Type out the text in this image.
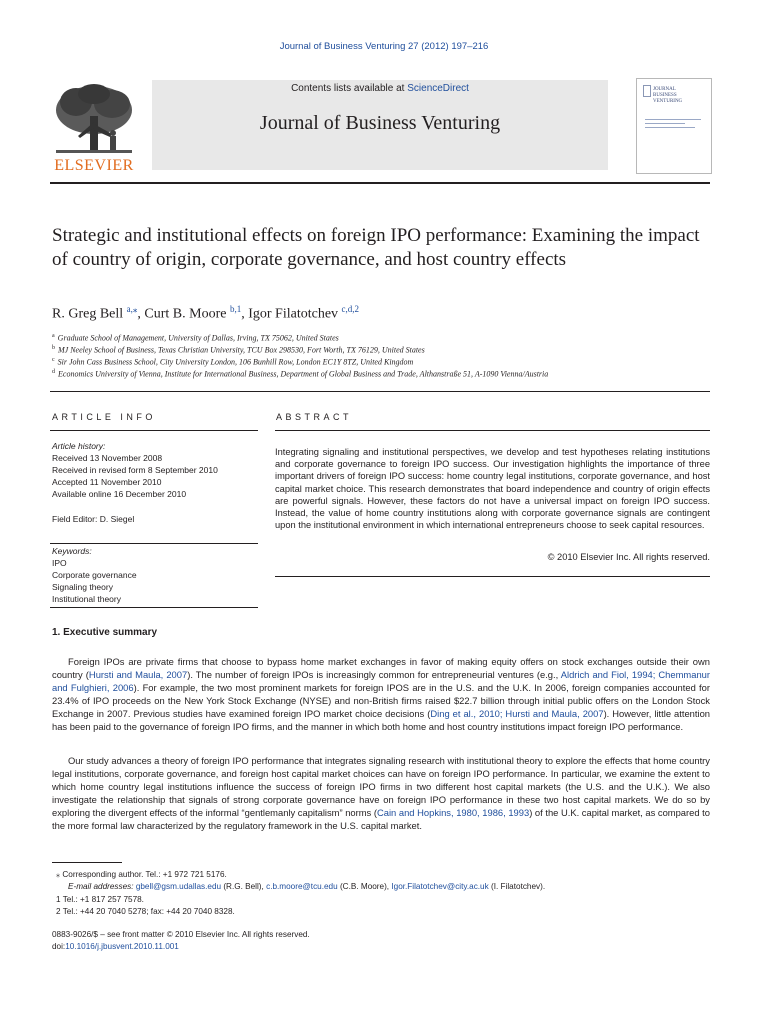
Journal of Business Venturing 27 (2012) 197–216
ELSEVIER
Contents lists available at ScienceDirect
Journal of Business Venturing
JOURNAL
BUSINESS
VENTURING
Strategic and institutional effects on foreign IPO performance: Examining the impact of country of origin, corporate governance, and host country effects
R. Greg Bell $^{a,⁎}$, Curt B. Moore $^{b,1}$, Igor Filatotchev $^{c,d,2}$
$^a$ Graduate School of Management, University of Dallas, Irving, TX 75062, United States
$^b$ MJ Neeley School of Business, Texas Christian University, TCU Box 298530, Fort Worth, TX 76129, United States
$^c$ Sir John Cass Business School, City University London, 106 Bunhill Row, London EC1Y 8TZ, United Kingdom
$^d$ Economics University of Vienna, Institute for International Business, Department of Global Business and Trade, Althanstraße 51, A-1090 Vienna/Austria
ARTICLE INFO
Article history:
Received 13 November 2008
Received in revised form 8 September 2010
Accepted 11 November 2010
Available online 16 December 2010
Field Editor: D. Siegel
Keywords:
IPO
Corporate governance
Signaling theory
Institutional theory
ABSTRACT
Integrating signaling and institutional perspectives, we develop and test hypotheses relating institutions and corporate governance to foreign IPO success. Our investigation highlights the importance of three important drivers of foreign IPO success: home country legal institutions, corporate governance, and host capital market choice. This research demonstrates that board independence and country of origin effects are powerful signals. However, these factors do not have a universal impact on foreign IPO success. Instead, the value of home country institutions along with corporate governance signals are contingent upon the institutional environment in which international entrepreneurs choose to seek capital resources.
© 2010 Elsevier Inc. All rights reserved.
1. Executive summary
Foreign IPOs are private firms that choose to bypass home market exchanges in favor of making equity offers on stock exchanges outside their own country (Hursti and Maula, 2007). The number of foreign IPOs is increasingly common for entrepreneurial ventures (e.g., Aldrich and Fiol, 1994; Chemmanur and Fulghieri, 2006). For example, the two most prominent markets for foreign IPOS are in the U.S. and the U.K. In 2006, foreign companies accounted for 23.4% of IPO proceeds on the New York Stock Exchange (NYSE) and non-British firms raised $22.7 billion through initial public offers on the London Stock Exchange in 2007. Previous studies have examined foreign IPO market choice decisions (Ding et al., 2010; Hursti and Maula, 2007). However, little attention has been paid to the governance of foreign IPO firms, and the manner in which both home and host country institutions impact foreign IPO performance.
Our study advances a theory of foreign IPO performance that integrates signaling research with institutional theory to explore the effects that home country legal institutions, corporate governance, and foreign host capital market choices can have on foreign IPO performance. In particular, we examine the extent to which home country legal institutions influence the success of foreign IPO firms in two different host capital markets (the U.S. and the U.K.). We also investigate the relationship that signals of strong corporate governance have on foreign IPO performance in these two host capital markets. We do so by exploring the divergent effects of the informal “gentlemanly capitalism” norms (Cain and Hopkins, 1980, 1986, 1993) of the U.K. capital market, as compared to the more formal law characterized by the regulatory framework in the U.S. capital market.
⁎ Corresponding author. Tel.: +1 972 721 5176.
E-mail addresses: gbell@gsm.udallas.edu (R.G. Bell), c.b.moore@tcu.edu (C.B. Moore), Igor.Filatotchev@city.ac.uk (I. Filatotchev).
1 Tel.: +1 817 257 7578.
2 Tel.: +44 20 7040 5278; fax: +44 20 7040 8328.
0883-9026/$ – see front matter © 2010 Elsevier Inc. All rights reserved.
doi:10.1016/j.jbusvent.2010.11.001
